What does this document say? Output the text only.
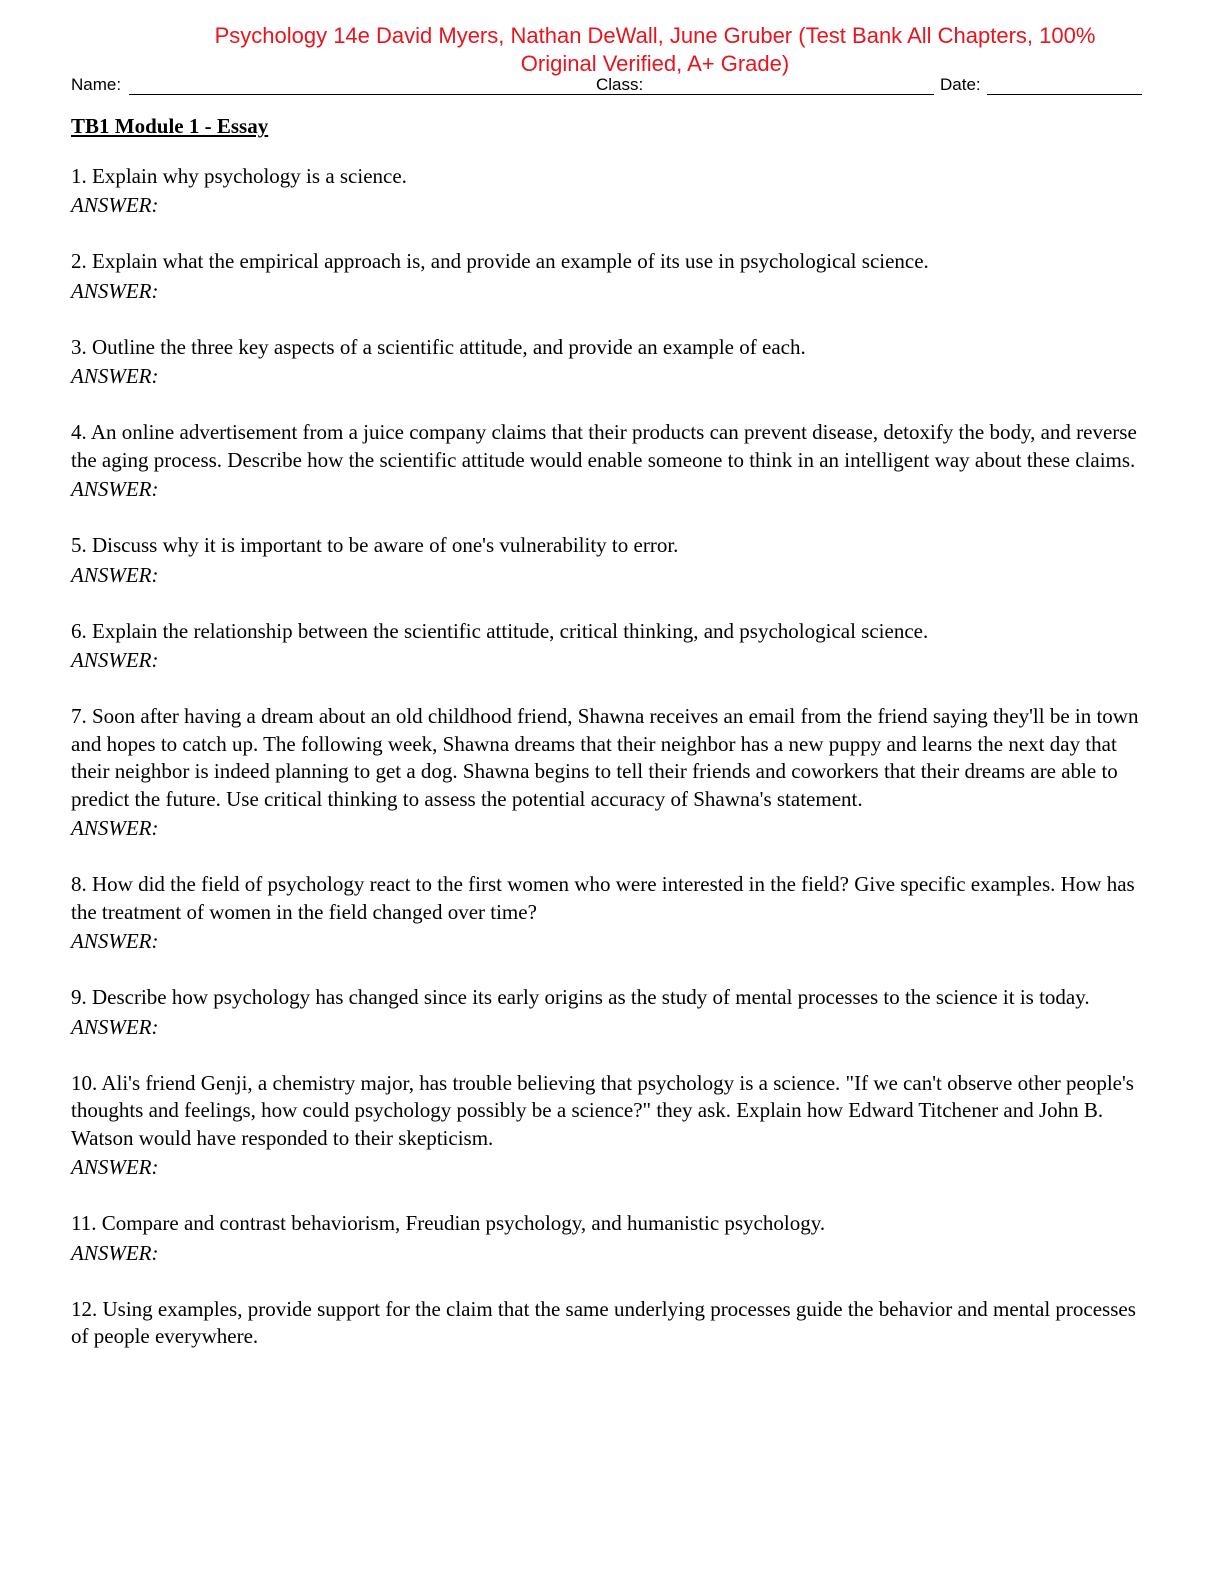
Psychology 14e David Myers, Nathan DeWall, June Gruber (Test Bank All Chapters, 100%
Original Verified, A+ Grade)
Name:	Class:	Date:
TB1 Module 1 - Essay
1. Explain why psychology is a science.
ANSWER:
2. Explain what the empirical approach is, and provide an example of its use in psychological science.
ANSWER:
3. Outline the three key aspects of a scientific attitude, and provide an example of each.
ANSWER:
4. An online advertisement from a juice company claims that their products can prevent disease, detoxify the body, and reverse the aging process. Describe how the scientific attitude would enable someone to think in an intelligent way about these claims.
ANSWER:
5. Discuss why it is important to be aware of one's vulnerability to error.
ANSWER:
6. Explain the relationship between the scientific attitude, critical thinking, and psychological science.
ANSWER:
7. Soon after having a dream about an old childhood friend, Shawna receives an email from the friend saying they'll be in town and hopes to catch up. The following week, Shawna dreams that their neighbor has a new puppy and learns the next day that their neighbor is indeed planning to get a dog. Shawna begins to tell their friends and coworkers that their dreams are able to predict the future. Use critical thinking to assess the potential accuracy of Shawna's statement.
ANSWER:
8. How did the field of psychology react to the first women who were interested in the field? Give specific examples. How has the treatment of women in the field changed over time?
ANSWER:
9. Describe how psychology has changed since its early origins as the study of mental processes to the science it is today.
ANSWER:
10. Ali's friend Genji, a chemistry major, has trouble believing that psychology is a science. "If we can't observe other people's thoughts and feelings, how could psychology possibly be a science?" they ask. Explain how Edward Titchener and John B. Watson would have responded to their skepticism.
ANSWER:
11. Compare and contrast behaviorism, Freudian psychology, and humanistic psychology.
ANSWER:
12. Using examples, provide support for the claim that the same underlying processes guide the behavior and mental processes of people everywhere.
